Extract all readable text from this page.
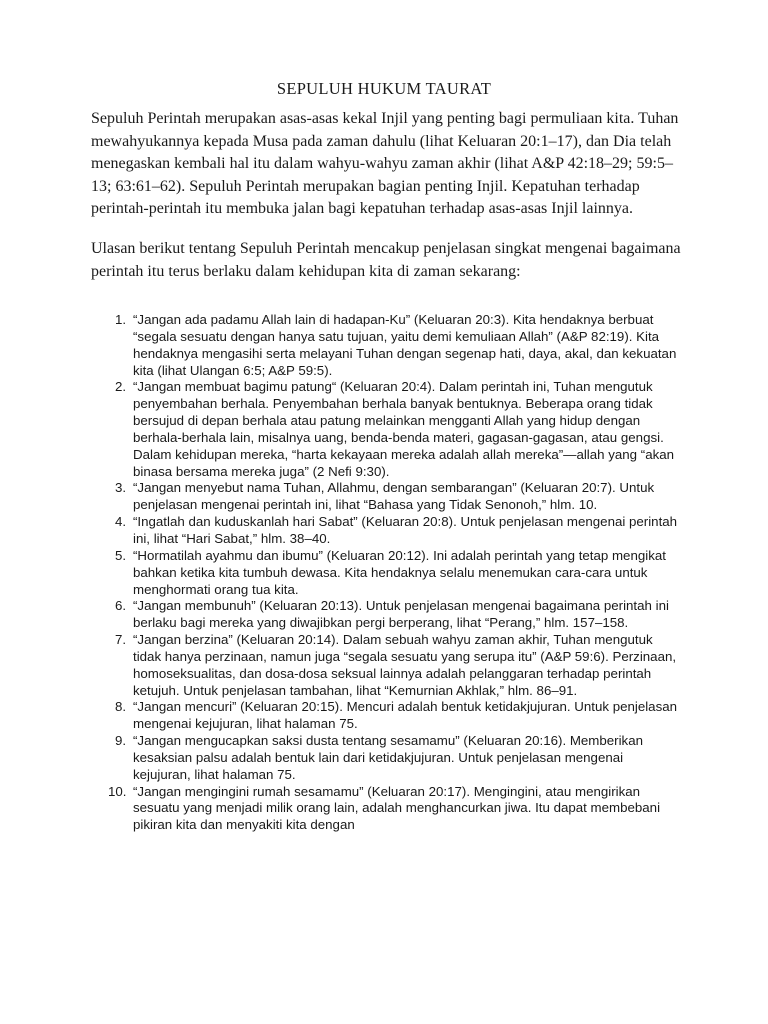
SEPULUH HUKUM TAURAT

Sepuluh Perintah merupakan asas-asas kekal Injil yang penting bagi permuliaan kita. Tuhan mewahyukannya kepada Musa pada zaman dahulu (lihat Keluaran 20:1–17), dan Dia telah menegaskan kembali hal itu dalam wahyu-wahyu zaman akhir (lihat A&P 42:18–29; 59:5–13; 63:61–62). Sepuluh Perintah merupakan bagian penting Injil. Kepatuhan terhadap perintah-perintah itu membuka jalan bagi kepatuhan terhadap asas-asas Injil lainnya.

Ulasan berikut tentang Sepuluh Perintah mencakup penjelasan singkat mengenai bagaimana perintah itu terus berlaku dalam kehidupan kita di zaman sekarang:

1. “Jangan ada padamu Allah lain di hadapan-Ku” (Keluaran 20:3). Kita hendaknya berbuat “segala sesuatu dengan hanya satu tujuan, yaitu demi kemuliaan Allah” (A&P 82:19). Kita hendaknya mengasihi serta melayani Tuhan dengan segenap hati, daya, akal, dan kekuatan kita (lihat Ulangan 6:5; A&P 59:5).
2. “Jangan membuat bagimu patung“ (Keluaran 20:4). Dalam perintah ini, Tuhan mengutuk penyembahan berhala. Penyembahan berhala banyak bentuknya. Beberapa orang tidak bersujud di depan berhala atau patung melainkan mengganti Allah yang hidup dengan berhala-berhala lain, misalnya uang, benda-benda materi, gagasan-gagasan, atau gengsi. Dalam kehidupan mereka, “harta kekayaan mereka adalah allah mereka”—allah yang “akan binasa bersama mereka juga” (2 Nefi 9:30).
3. “Jangan menyebut nama Tuhan, Allahmu, dengan sembarangan” (Keluaran 20:7). Untuk penjelasan mengenai perintah ini, lihat “Bahasa yang Tidak Senonoh,” hlm. 10.
4. “Ingatlah dan kuduskanlah hari Sabat” (Keluaran 20:8). Untuk penjelasan mengenai perintah ini, lihat “Hari Sabat,” hlm. 38–40.
5. “Hormatilah ayahmu dan ibumu” (Keluaran 20:12). Ini adalah perintah yang tetap mengikat bahkan ketika kita tumbuh dewasa. Kita hendaknya selalu menemukan cara-cara untuk menghormati orang tua kita.
6. “Jangan membunuh” (Keluaran 20:13). Untuk penjelasan mengenai bagaimana perintah ini berlaku bagi mereka yang diwajibkan pergi berperang, lihat “Perang,” hlm. 157–158.
7. “Jangan berzina” (Keluaran 20:14). Dalam sebuah wahyu zaman akhir, Tuhan mengutuk tidak hanya perzinaan, namun juga “segala sesuatu yang serupa itu” (A&P 59:6). Perzinaan, homoseksualitas, dan dosa-dosa seksual lainnya adalah pelanggaran terhadap perintah ketujuh. Untuk penjelasan tambahan, lihat “Kemurnian Akhlak,” hlm. 86–91.
8. “Jangan mencuri” (Keluaran 20:15). Mencuri adalah bentuk ketidakjujuran. Untuk penjelasan mengenai kejujuran, lihat halaman 75.
9. “Jangan mengucapkan saksi dusta tentang sesamamu” (Keluaran 20:16). Memberikan kesaksian palsu adalah bentuk lain dari ketidakjujuran. Untuk penjelasan mengenai kejujuran, lihat halaman 75.
10. “Jangan mengingini rumah sesamamu” (Keluaran 20:17). Mengingini, atau mengirikan sesuatu yang menjadi milik orang lain, adalah menghancurkan jiwa. Itu dapat membebani pikiran kita dan menyakiti kita dengan
